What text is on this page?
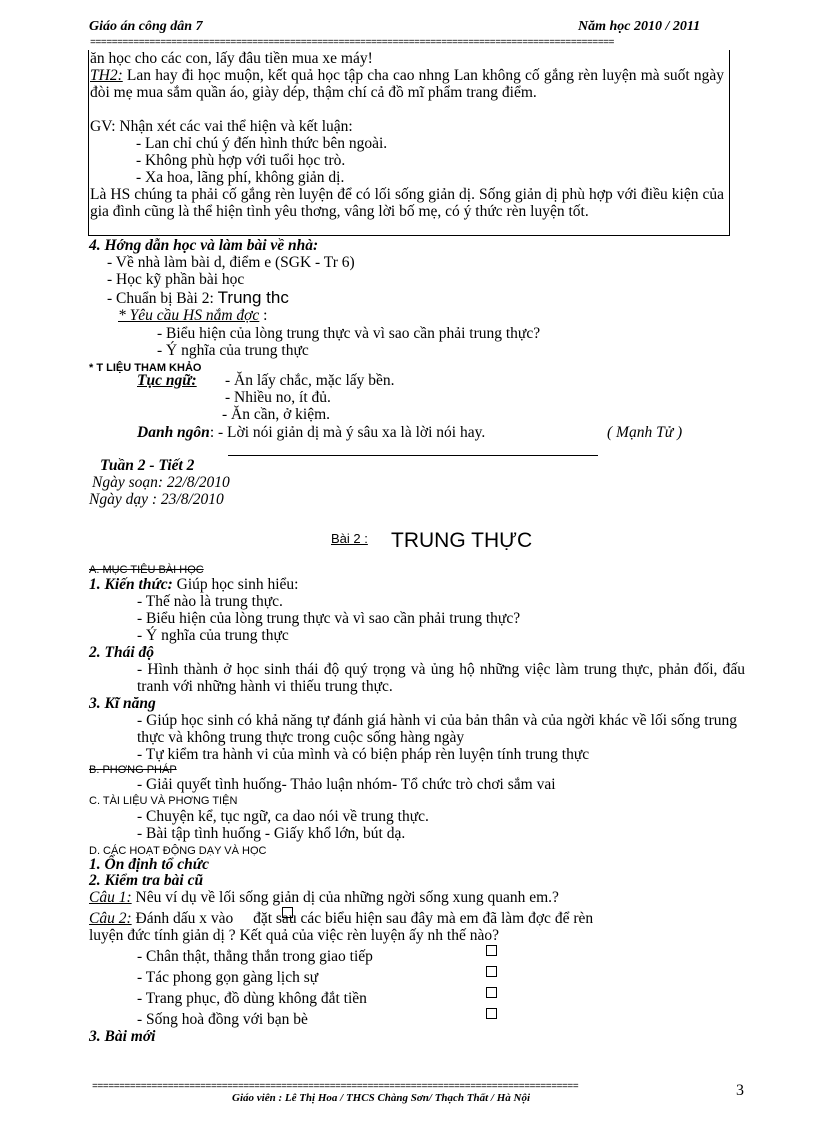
Giáo án công dân 7	Năm học 2010 / 2011
=================================================================================================
ăn học cho các con, lấy đâu tiền mua xe máy!
TH2: Lan hay đi học muộn, kết quả học tập cha cao nhng Lan không cố gắng rèn luyện mà suốt ngày đòi mẹ mua sắm quần áo, giày dép, thậm chí cả đồ mĩ phẩm trang điểm.
GV: Nhận xét các vai thể hiện và kết luận:
- Lan chỉ chú ý đến hình thức bên ngoài.
- Không phù hợp với tuổi học trò.
- Xa hoa, lãng phí, không giản dị.
Là HS chúng ta phải cố gắng rèn luyện để có lối sống giản dị. Sống giản dị phù hợp với điều kiện của gia đình cũng là thể hiện tình yêu thơng, vâng lời bố mẹ, có ý thức rèn luyện tốt.
4. Hớng dẫn học và làm bài về nhà:
- Về nhà làm bài d, điểm e (SGK - Tr 6)
- Học kỹ phần bài học
- Chuẩn bị Bài 2: Trung thc
* Yêu cầu HS nắm đợc :
- Biểu hiện của lòng trung thực và vì sao cần phải trung thực?
- Ý nghĩa của trung thực
* T LIỆU THAM KHẢO
Tục ngữ: - Ăn lấy chắc, mặc lấy bền.
- Nhiều no, ít đủ.
- Ăn cần, ở kiệm.
Danh ngôn: - Lời nói giản dị mà ý sâu xa là lời nói hay.	( Mạnh Tử )
Tuần 2 - Tiết 2
Ngày soạn: 22/8/2010
Ngày dạy : 23/8/2010
Bài 2 : TRUNG THỰC
A. MỤC TIÊU BÀI HỌC
1. Kiến thức: Giúp học sinh hiểu:
- Thế nào là trung thực.
- Biểu hiện của lòng trung thực và vì sao cần phải trung thực?
- Ý nghĩa của trung thực
2. Thái độ
- Hình thành ở học sinh thái độ quý trọng và ủng hộ những việc làm trung thực, phản đối, đấu tranh với những hành vi thiếu trung thực.
3. Kĩ năng
- Giúp học sinh có khả năng tự đánh giá hành vi của bản thân và của ngời khác về lối sống trung thực và không trung thực trong cuộc sống hàng ngày
- Tự kiểm tra hành vi của mình và có biện pháp rèn luyện tính trung thực
B. PHƠNG PHÁP
- Giải quyết tình huống- Thảo luận nhóm- Tổ chức trò chơi sắm vai
C. TÀI LIỆU VÀ PHƠNG TIỆN
- Chuyện kể, tục ngữ, ca dao nói về trung thực.
- Bài tập tình huống - Giấy khổ lớn, bút dạ.
D. CÁC HOẠT ĐỘNG DẠY VÀ HỌC
1. Ổn định tổ chức
2. Kiểm tra bài cũ
Câu 1: Nêu ví dụ về lối sống giản dị của những ngời sống xung quanh em.?
Câu 2: Đánh dấu x vào đặt sau các biểu hiện sau đây mà em đã làm đợc để rèn
luyện đức tính giản dị ? Kết quả của việc rèn luyện ấy nh thế nào?
- Chân thật, thẳng thắn trong giao tiếp
- Tác phong gọn gàng lịch sự
- Trang phục, đồ dùng không đắt tiền
- Sống hoà đồng với bạn bè
3. Bài mới
==========================================================================================
Giáo viên : Lê Thị Hoa / THCS Chàng Sơn/ Thạch Thất / Hà Nội	3
